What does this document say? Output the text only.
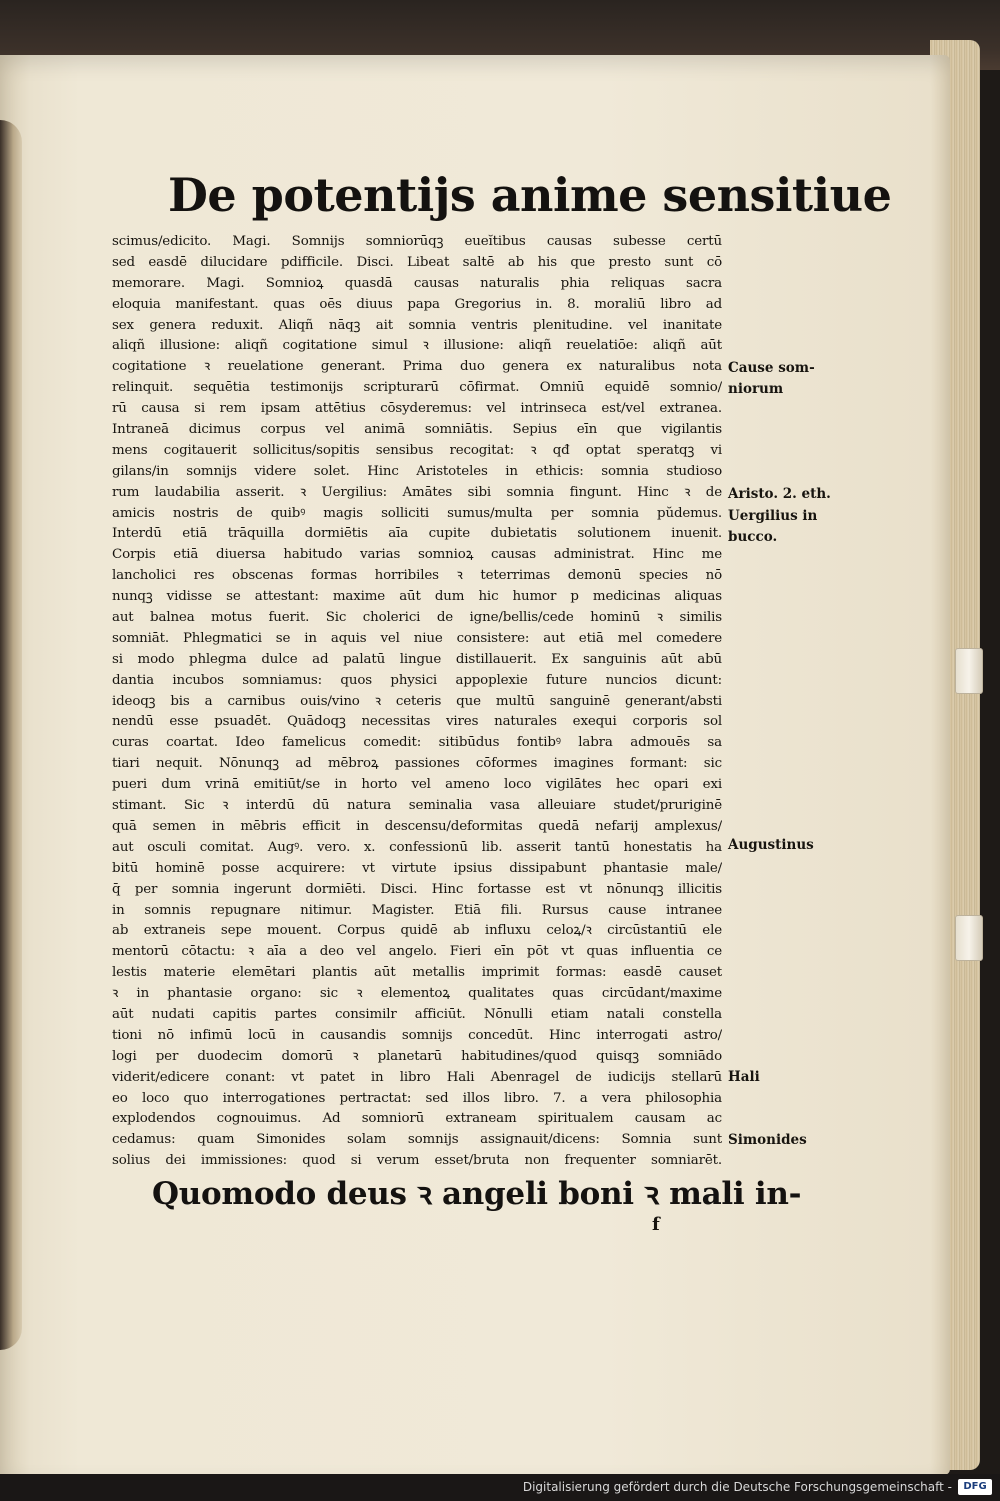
De potentijs anime sensitiue
scimus/edicito. Magi. Somnijs somniorūqꝫ eueĭtibus causas subesse certū
sed easdē dilucidare pdifficile. Disci. Libeat saltē ab his que presto sunt cō
memorare. Magi. Somnioꝝ quasdā causas naturalis phia reliquas sacra
eloquia manifestant. quas oēs diuus papa Gregorius in. 8. moraliū libro ad
sex genera reduxit. Aliqñ nāqꝫ ait somnia ventris plenitudine. vel inanitate
aliqñ illusione: aliqñ cogitatione simul ꝛ illusione: aliqñ reuelatiōe: aliqñ aūt
cogitatione ꝛ reuelatione generant. Prima duo genera ex naturalibus nota
relinquit. sequētia testimonijs scripturarū cōfirmat. Omniū equidē somnio/
rū causa si rem ipsam attētius cōsyderemus: vel intrinseca est/vel extranea.
Intraneā dicimus corpus vel animā somniātis. Sepius eīn que vigilantis
mens cogitauerit sollicitus/sopitis sensibus recogitat: ꝛ qđ optat speratqꝫ vi
gilans/in somnijs videre solet. Hinc Aristoteles in ethicis: somnia studioso
rum laudabilia asserit. ꝛ Uergilius: Amātes sibi somnia fingunt. Hinc ꝛ de
amicis nostris de quibꝰ magis solliciti sumus/multa per somnia pŭdemus.
Interdū etiā trāquilla dormiētis aīa cupite dubietatis solutionem inuenit.
Corpis etiā diuersa habitudo varias somnioꝝ causas administrat. Hinc me
lancholici res obscenas formas horribiles ꝛ teterrimas demonū species nō
nunqꝫ vidisse se attestant: maxime aūt dum hic humor p medicinas aliquas
aut balnea motus fuerit. Sic cholerici de igne/bellis/cede hominū ꝛ similis
somniāt. Phlegmatici se in aquis vel niue consistere: aut etiā mel comedere
si modo phlegma dulce ad palatū lingue distillauerit. Ex sanguinis aūt abū
dantia incubos somniamus: quos physici appoplexie future nuncios dicunt:
ideoqꝫ bis a carnibus ouis/vino ꝛ ceteris que multū sanguinē generant/absti
nendū esse psuadēt. Quādoqꝫ necessitas vires naturales exequi corporis sol
curas coartat. Ideo famelicus comedit: sitibūdus fontibꝰ labra admouēs sa
tiari nequit. Nōnunqꝫ ad mēbroꝝ passiones cōformes imagines formant: sic
pueri dum vrinā emitiūt/se in horto vel ameno loco vigilātes hec opari exi
stimant. Sic ꝛ interdū dū natura seminalia vasa alleuiare studet/pruriginē
quā semen in mēbris efficit in descensu/deformitas quedā nefarij amplexus/
aut osculi comitat. Augꝰ. vero. x. confessionū lib. asserit tantū honestatis ha
bitū hominē posse acquirere: vt virtute ipsius dissipabunt phantasie male/
q̄ per somnia ingerunt dormiēti. Disci. Hinc fortasse est vt nōnunqꝫ illicitis
in somnis repugnare nitimur. Magister. Etiā fili. Rursus cause intranee
ab extraneis sepe mouent. Corpus quidē ab influxu celoꝝ/ꝛ circūstantiū ele
mentorū cōtactu: ꝛ aīa a deo vel angelo. Fieri eīn pōt vt quas influentia ce
lestis materie elemētari plantis aūt metallis imprimit formas: easdē causet
ꝛ in phantasie organo: sic ꝛ elementoꝝ qualitates quas circūdant/maxime
aūt nudati capitis partes consimilr afficiūt. Nōnulli etiam natali constella
tioni nō infimū locū in causandis somnijs concedūt. Hinc interrogati astro/
logi per duodecim domorū ꝛ planetarū habitudines/quod quisqꝫ somniādo
viderit/edicere conant: vt patet in libro Hali Abenragel de iudicijs stellarū
eo loco quo interrogationes pertractat: sed illos libro. 7. a vera philosophia
explodendos cognouimus. Ad somniorū extraneam spiritualem causam ac
cedamus: quam Simonides solam somnijs assignauit/dicens: Somnia sunt
solius dei immissiones: quod si verum esset/bruta non frequenter somniarēt.
Cause som-
niorum
Aristo. 2. eth.
Uergilius in
bucco.
Augustinus
Hali
Simonides
Quomodo deus ꝛ angeli boni ꝛ mali in-
f
Digitalisierung gefördert durch die Deutsche Forschungsgemeinschaft -	DFG
